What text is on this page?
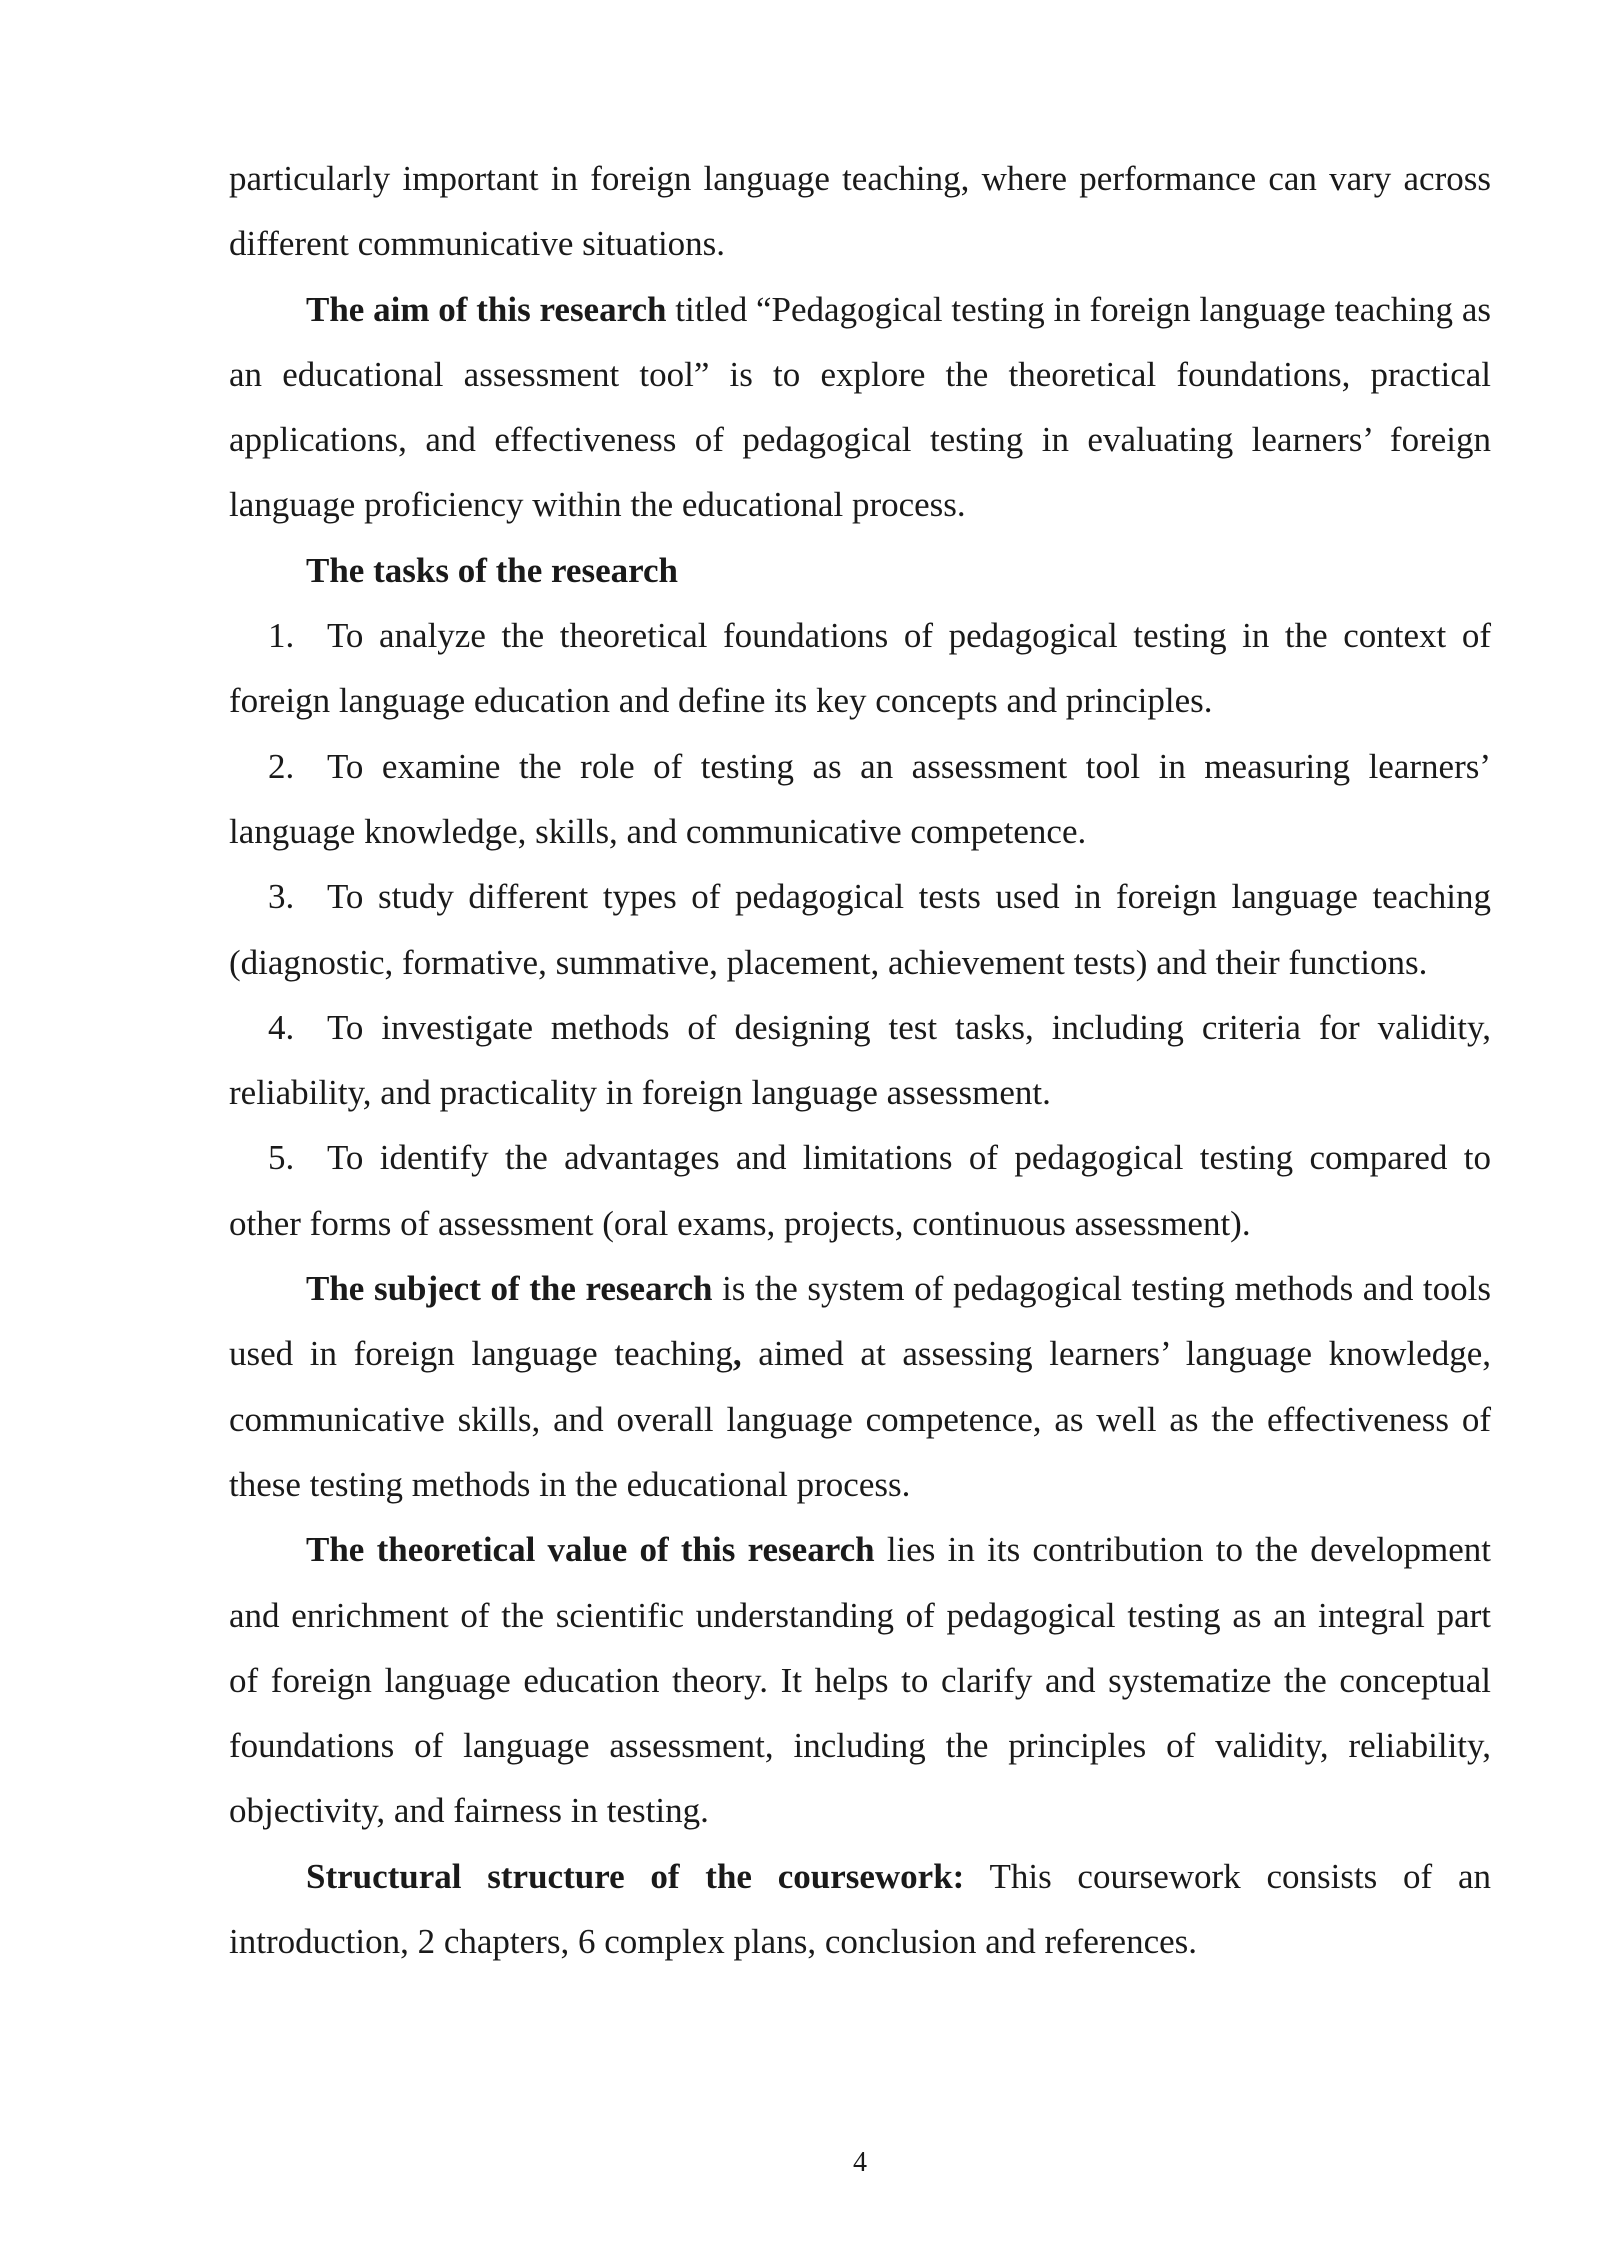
particularly important in foreign language teaching, where performance can vary across different communicative situations.

The aim of this research titled “Pedagogical testing in foreign language teaching as an educational assessment tool” is to explore the theoretical foundations, practical applications, and effectiveness of pedagogical testing in evaluating learners’ foreign language proficiency within the educational process.

The tasks of the research

1. To analyze the theoretical foundations of pedagogical testing in the context of foreign language education and define its key concepts and principles.
2. To examine the role of testing as an assessment tool in measuring learners’ language knowledge, skills, and communicative competence.
3. To study different types of pedagogical tests used in foreign language teaching (diagnostic, formative, summative, placement, achievement tests) and their functions.
4. To investigate methods of designing test tasks, including criteria for validity, reliability, and practicality in foreign language assessment.
5. To identify the advantages and limitations of pedagogical testing compared to other forms of assessment (oral exams, projects, continuous assessment).

The subject of the research is the system of pedagogical testing methods and tools used in foreign language teaching, aimed at assessing learners’ language knowledge, communicative skills, and overall language competence, as well as the effectiveness of these testing methods in the educational process.

The theoretical value of this research lies in its contribution to the development and enrichment of the scientific understanding of pedagogical testing as an integral part of foreign language education theory. It helps to clarify and systematize the conceptual foundations of language assessment, including the principles of validity, reliability, objectivity, and fairness in testing.

Structural structure of the coursework: This coursework consists of an introduction, 2 chapters, 6 complex plans, conclusion and references.

4
